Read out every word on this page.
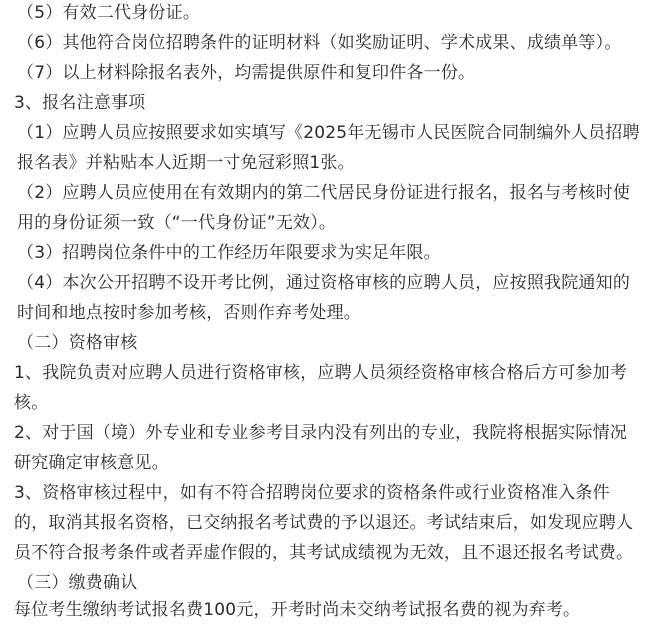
（5）有效二代身份证。
（6）其他符合岗位招聘条件的证明材料（如奖励证明、学术成果、成绩单等）。
（7）以上材料除报名表外，均需提供原件和复印件各一份。
3、报名注意事项
（1）应聘人员应按照要求如实填写《2025年无锡市人民医院合同制编外人员招聘
报名表》并粘贴本人近期一寸免冠彩照1张。
（2）应聘人员应使用在有效期内的第二代居民身份证进行报名，报名与考核时使
用的身份证须一致（“一代身份证”无效）。
（3）招聘岗位条件中的工作经历年限要求为实足年限。
（4）本次公开招聘不设开考比例，通过资格审核的应聘人员，应按照我院通知的
时间和地点按时参加考核，否则作弃考处理。
（二）资格审核
1、我院负责对应聘人员进行资格审核，应聘人员须经资格审核合格后方可参加考
核。
2、对于国（境）外专业和专业参考目录内没有列出的专业，我院将根据实际情况
研究确定审核意见。
3、资格审核过程中，如有不符合招聘岗位要求的资格条件或行业资格准入条件
的，取消其报名资格，已交纳报名考试费的予以退还。考试结束后，如发现应聘人
员不符合报考条件或者弄虚作假的，其考试成绩视为无效，且不退还报名考试费。
（三）缴费确认
每位考生缴纳考试报名费100元，开考时尚未交纳考试报名费的视为弃考。
